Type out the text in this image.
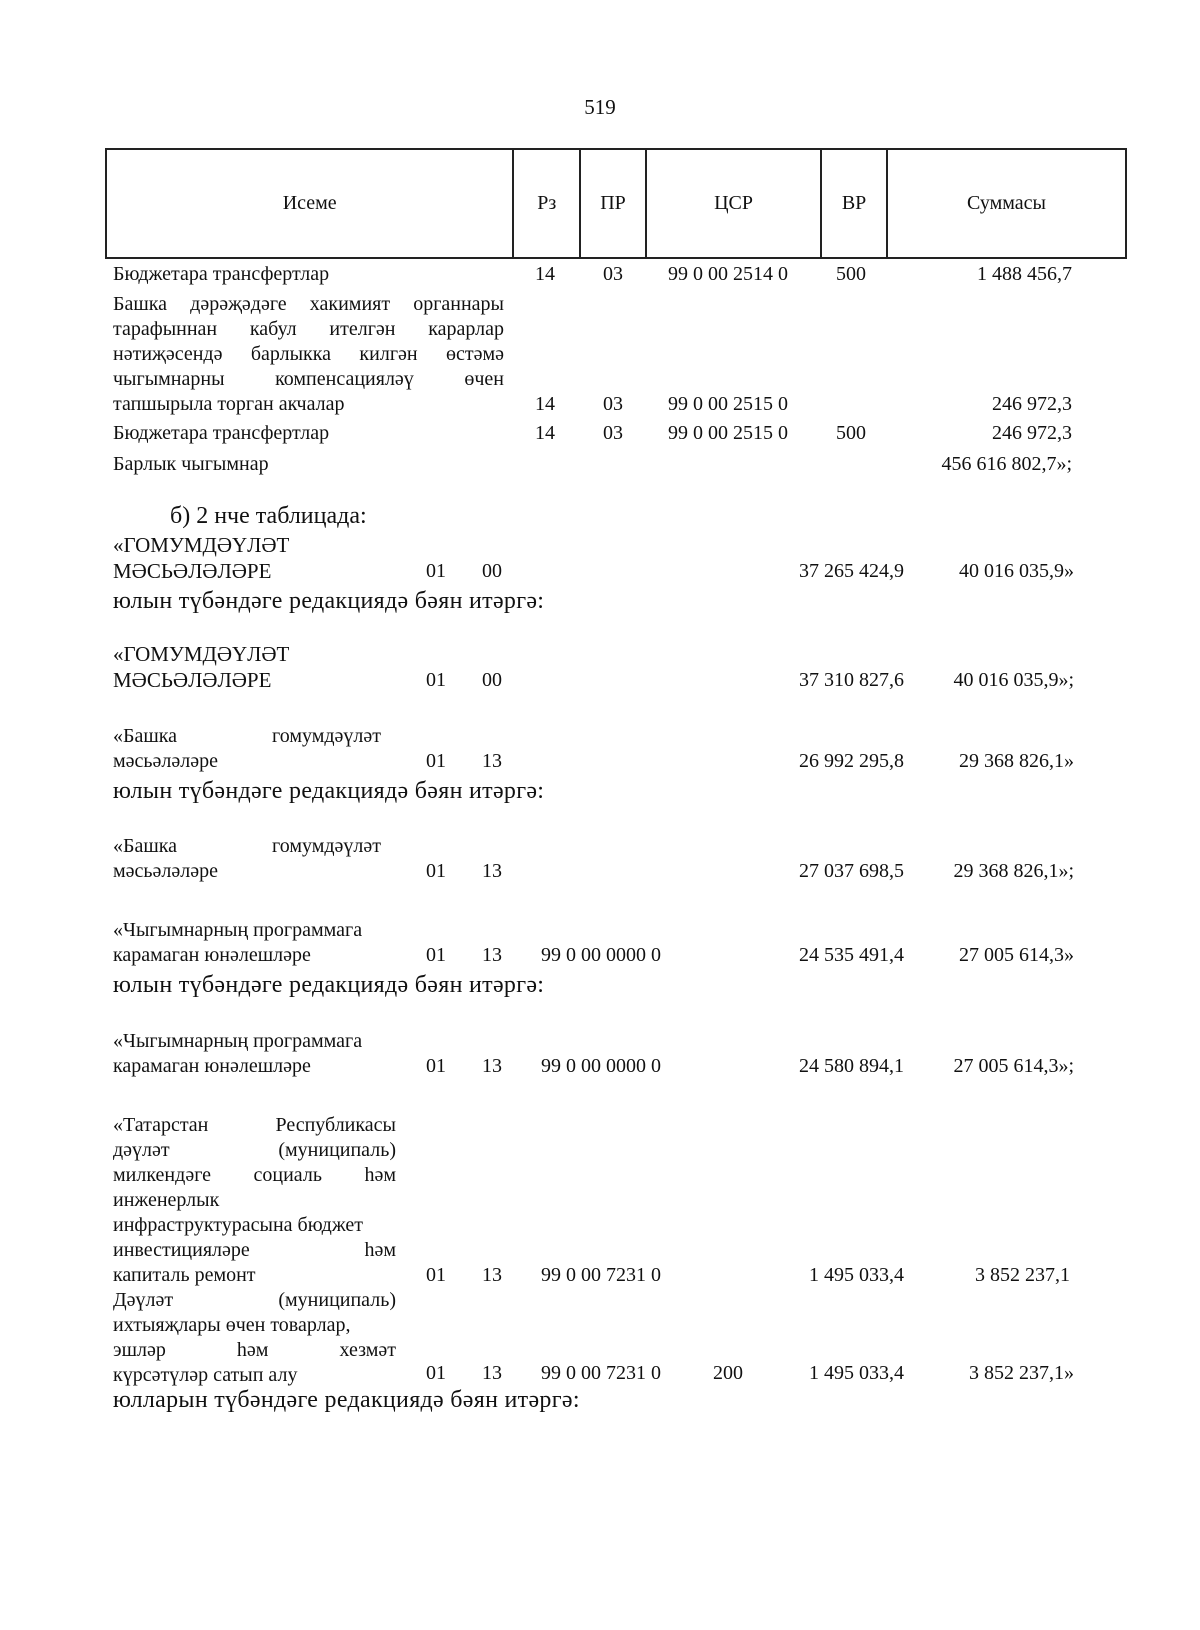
519
Исеме	Рз	ПР	ЦСР	ВР	Суммасы
Бюджетара трансфертлар	14 03 99 0 00 2514 0 500	1 488 456,7
Башка дәрәҗәдәге хакимият органнары
тарафыннан кабул ителгән карарлар
нәтиҗәсендә барлыкка килгән өстәмә
чыгымнарны компенсацияләү өчен
тапшырыла торган акчалар	14 03 99 0 00 2515 0	246 972,3
Бюджетара трансфертлар	14 03 99 0 00 2515 0 500	246 972,3
Барлык чыгымнар	456 616 802,7»;
б) 2 нче таблицада:
«ГОМУМДӘҮЛӘТ
МӘСЬӘЛӘЛӘРЕ	01 00	37 265 424,9	40 016 035,9»
юлын түбәндәге редакциядә бәян итәргә:
«ГОМУМДӘҮЛӘТ
МӘСЬӘЛӘЛӘРЕ	01 00	37 310 827,6	40 016 035,9»;
«Башка	гомумдәүләт
мәсьәләләре	01 13	26 992 295,8	29 368 826,1»
юлын түбәндәге редакциядә бәян итәргә:
«Башка	гомумдәүләт
мәсьәләләре	01 13	27 037 698,5	29 368 826,1»;
«Чыгымнарның программага
карамаган юнәлешләре	01 13 99 0 00 0000 0	24 535 491,4	27 005 614,3»
юлын түбәндәге редакциядә бәян итәргә:
«Чыгымнарның программага
карамаган юнәлешләре	01 13 99 0 00 0000 0	24 580 894,1	27 005 614,3»;
«Татарстан Республикасы
дәүләт (муниципаль)
милкендәге социаль һәм
инженерлык
инфраструктурасына бюджет
инвестицияләре һәм
капиталь ремонт	01 13 99 0 00 7231 0	1 495 033,4	3 852 237,1
Дәүләт (муниципаль)
ихтыяҗлары өчен товарлар,
эшләр һәм хезмәт
күрсәтүләр сатып алу	01 13 99 0 00 7231 0	200	1 495 033,4	3 852 237,1»
юлларын түбәндәге редакциядә бәян итәргә:
